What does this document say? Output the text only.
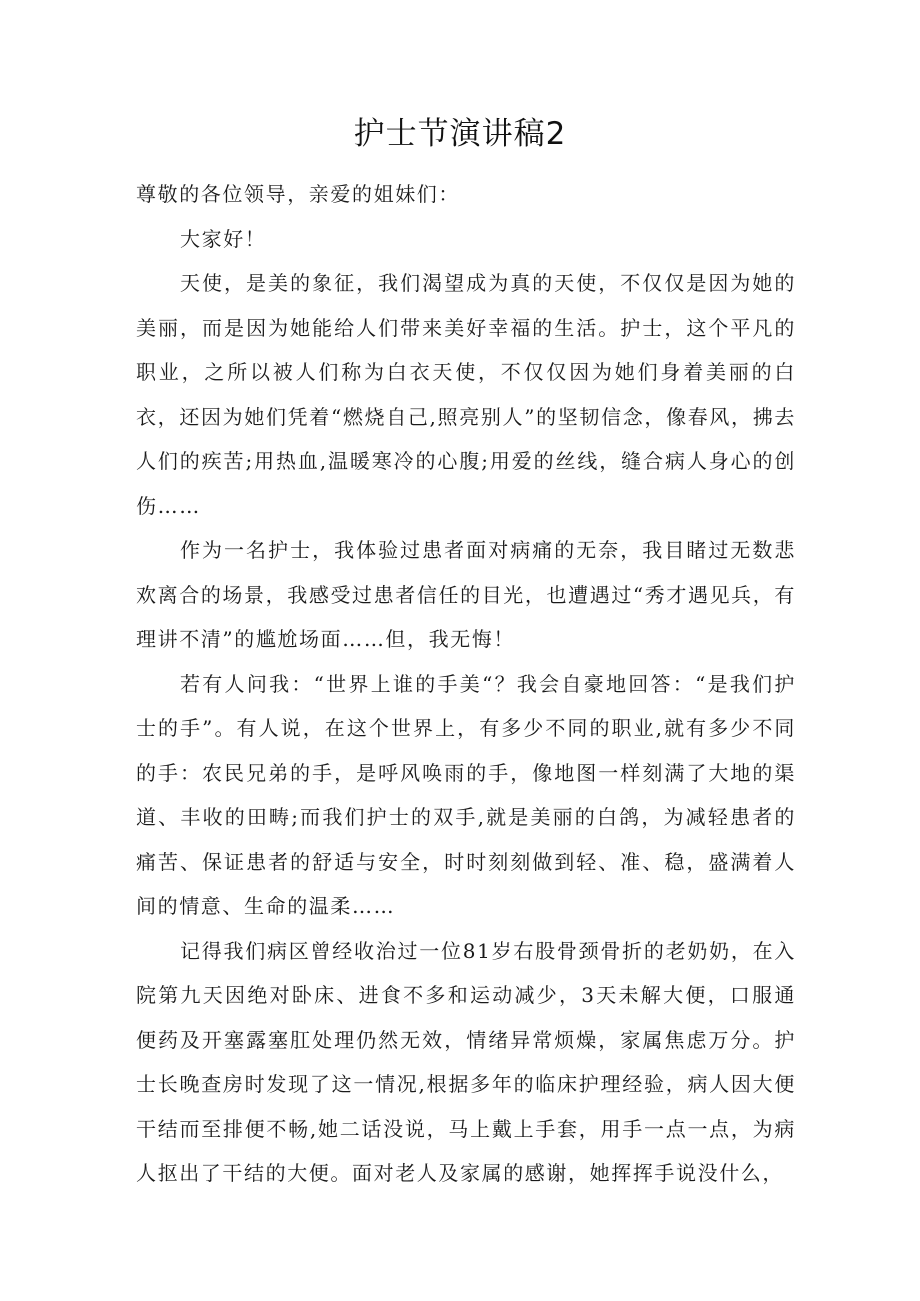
护士节演讲稿2

尊敬的各位领导，亲爱的姐妹们：

大家好！

天使，是美的象征，我们渴望成为真的天使，不仅仅是因为她的美丽，而是因为她能给人们带来美好幸福的生活。护士，这个平凡的职业，之所以被人们称为白衣天使，不仅仅因为她们身着美丽的白衣，还因为她们凭着“燃烧自己,照亮别人”的坚韧信念，像春风，拂去人们的疾苦;用热血,温暖寒冷的心腹;用爱的丝线，缝合病人身心的创伤……

作为一名护士，我体验过患者面对病痛的无奈，我目睹过无数悲欢离合的场景，我感受过患者信任的目光，也遭遇过“秀才遇见兵，有理讲不清”的尴尬场面……但，我无悔！

若有人问我：“世界上谁的手美“？我会自豪地回答：“是我们护士的手”。有人说，在这个世界上，有多少不同的职业,就有多少不同的手：农民兄弟的手，是呼风唤雨的手，像地图一样刻满了大地的渠道、丰收的田畴;而我们护士的双手,就是美丽的白鸽，为减轻患者的痛苦、保证患者的舒适与安全，时时刻刻做到轻、准、稳，盛满着人间的情意、生命的温柔……

记得我们病区曾经收治过一位81岁右股骨颈骨折的老奶奶，在入院第九天因绝对卧床、进食不多和运动减少，3天未解大便，口服通便药及开塞露塞肛处理仍然无效，情绪异常烦燥，家属焦虑万分。护士长晚查房时发现了这一情况,根据多年的临床护理经验，病人因大便干结而至排便不畅,她二话没说，马上戴上手套，用手一点一点，为病人抠出了干结的大便。面对老人及家属的感谢，她挥挥手说没什么，
